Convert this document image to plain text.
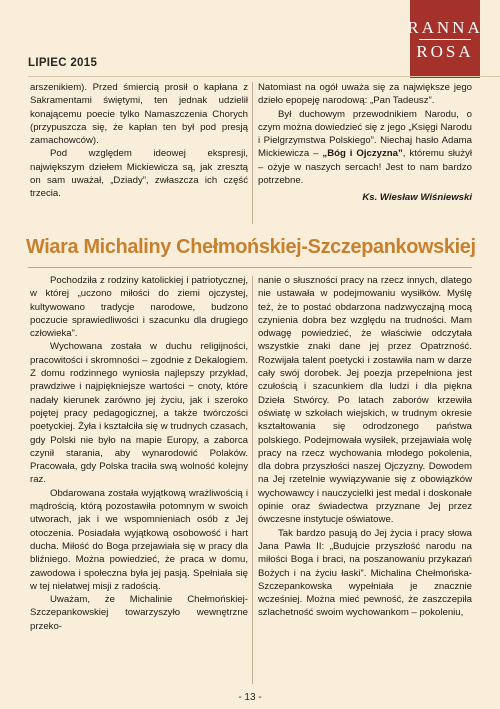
LIPIEC 2015
RANNA
ROSA

arszenikiem). Przed śmiercią prosił o kapłana z Sakramentami świętymi, ten jednak udzielił konającemu poecie tylko Namaszczenia Chorych (przypuszcza się, że kapłan ten był pod presją zamachowców).

Pod względem ideowej ekspresji, największym dziełem Mickiewicza są, jak zresztą on sam uważał, „Dziady”, zwłaszcza ich część trzecia.

Natomiast na ogół uważa się za największe jego dzieło epopeję narodową: „Pan Tadeusz”.

Był duchowym przewodnikiem Narodu, o czym można dowiedzieć się z jego „Księgi Narodu i Pielgrzymstwa Polskiego”. Niechaj hasło Adama Mickiewicza – „Bóg i Ojczyzna”, któremu służył – ożyje w naszych sercach! Jest to nam bardzo potrzebne.

Ks. Wiesław Wiśniewski

Wiara Michaliny Chełmońskiej-Szczepankowskiej

Pochodziła z rodziny katolickiej i patriotycznej, w której „uczono miłości do ziemi ojczystej, kultywowano tradycje narodowe, budzono poczucie sprawiedliwości i szacunku dla drugiego człowieka”.

Wychowana została w duchu religijności, pracowitości i skromności – zgodnie z Dekalogiem. Z domu rodzinnego wyniosła najlepszy przykład, prawdziwe i najpiękniejsze wartości − cnoty, które nadały kierunek zarówno jej życiu, jak i szeroko pojętej pracy pedagogicznej, a także twórczości poetyckiej. Żyła i kształciła się w trudnych czasach, gdy Polski nie było na mapie Europy, a zaborca czynił starania, aby wynarodowić Polaków. Pracowała, gdy Polska traciła swą wolność kolejny raz.

Obdarowana została wyjątkową wrażliwością i mądrością, którą pozostawiła potomnym w swoich utworach, jak i we wspomnieniach osób z Jej otoczenia. Posiadała wyjątkową osobowość i hart ducha. Miłość do Boga przejawiała się w pracy dla bliźniego. Można powiedzieć, że praca w domu, zawodowa i społeczna była jej pasją. Spełniała się w tej niełatwej misji z radością.

Uważam, że Michalinie Chełmońskiej-Szczepankowskiej towarzyszyło wewnętrzne przeko-

nanie o słuszności pracy na rzecz innych, dlatego nie ustawała w podejmowaniu wysiłków. Myślę też, że to postać obdarzona nadzwyczajną mocą czynienia dobra bez względu na trudności. Mam odwagę powiedzieć, że właściwie odczytała wszystkie znaki dane jej przez Opatrzność. Rozwijała talent poetycki i zostawiła nam w darze cały swój dorobek. Jej poezja przepełniona jest czułością i szacunkiem dla ludzi i dla piękna Dzieła Stwórcy. Po latach zaborów krzewiła oświatę w szkołach wiejskich, w trudnym okresie kształtowania się odrodzonego państwa polskiego. Podejmowała wysiłek, przejawiała wolę pracy na rzecz wychowania młodego pokolenia, dla dobra przyszłości naszej Ojczyzny. Dowodem na Jej rzetelnie wywiązywanie się z obowiązków wychowawcy i nauczycielki jest medal i doskonałe opinie oraz świadectwa przyznane Jej przez ówczesne instytucje oświatowe.

Tak bardzo pasują do Jej życia i pracy słowa Jana Pawła II: „Budujcie przyszłość narodu na miłości Boga i braci, na poszanowaniu przykazań Bożych i na życiu łaski”. Michalina Chełmońska-Szczepankowska wypełniała je znacznie wcześniej. Można mieć pewność, że zaszczepiła szlachetność swoim wychowankom – pokoleniu,

- 13 -
